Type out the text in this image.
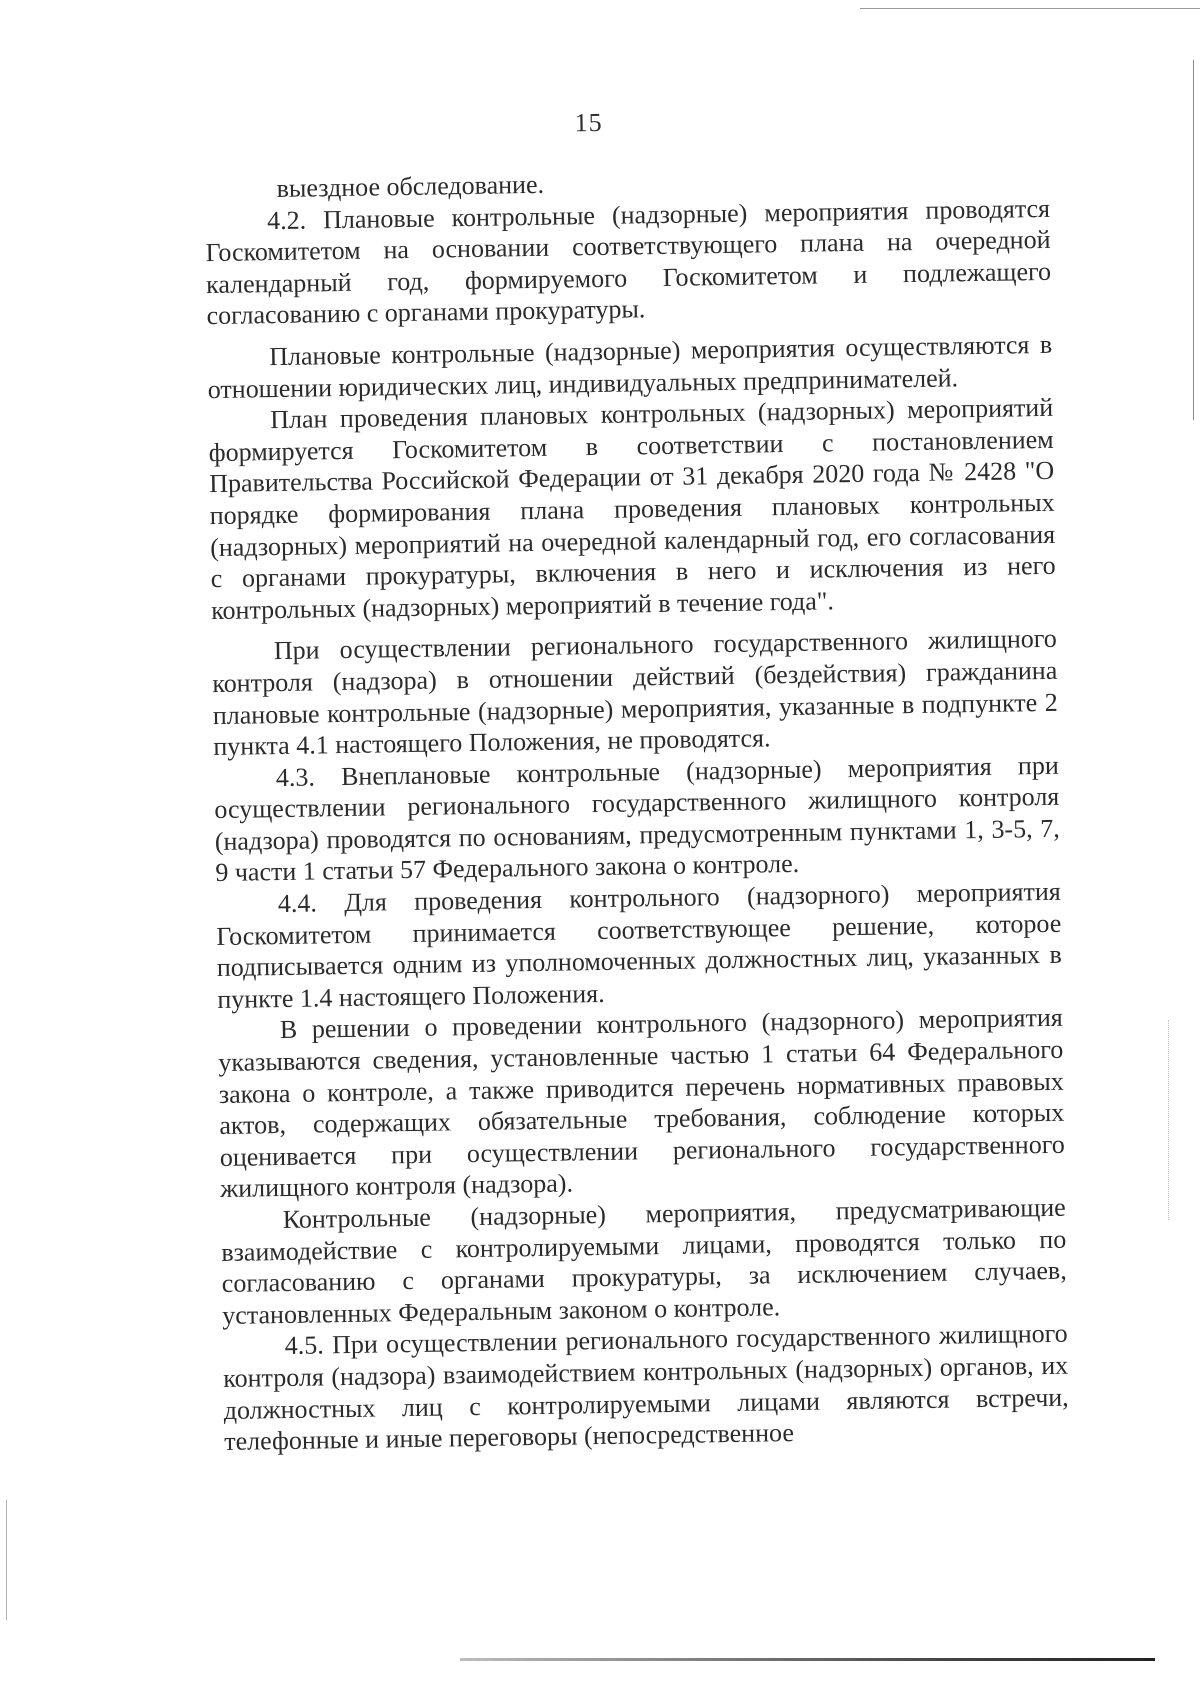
15

выездное обследование.

4.2. Плановые контрольные (надзорные) мероприятия проводятся Госкомитетом на основании соответствующего плана на очередной календарный год, формируемого Госкомитетом и подлежащего согласованию с органами прокуратуры.

Плановые контрольные (надзорные) мероприятия осуществляются в отношении юридических лиц, индивидуальных предпринимателей.

План проведения плановых контрольных (надзорных) мероприятий формируется Госкомитетом в соответствии с постановлением Правительства Российской Федерации от 31 декабря 2020 года № 2428 "О порядке формирования плана проведения плановых контрольных (надзорных) мероприятий на очередной календарный год, его согласования с органами прокуратуры, включения в него и исключения из него контрольных (надзорных) мероприятий в течение года".

При осуществлении регионального государственного жилищного контроля (надзора) в отношении действий (бездействия) гражданина плановые контрольные (надзорные) мероприятия, указанные в подпункте 2 пункта 4.1 настоящего Положения, не проводятся.

4.3. Внеплановые контрольные (надзорные) мероприятия при осуществлении регионального государственного жилищного контроля (надзора) проводятся по основаниям, предусмотренным пунктами 1, 3-5, 7, 9 части 1 статьи 57 Федерального закона о контроле.

4.4. Для проведения контрольного (надзорного) мероприятия Госкомитетом принимается соответствующее решение, которое подписывается одним из уполномоченных должностных лиц, указанных в пункте 1.4 настоящего Положения.

В решении о проведении контрольного (надзорного) мероприятия указываются сведения, установленные частью 1 статьи 64 Федерального закона о контроле, а также приводится перечень нормативных правовых актов, содержащих обязательные требования, соблюдение которых оценивается при осуществлении регионального государственного жилищного контроля (надзора).

Контрольные (надзорные) мероприятия, предусматривающие взаимодействие с контролируемыми лицами, проводятся только по согласованию с органами прокуратуры, за исключением случаев, установленных Федеральным законом о контроле.

4.5. При осуществлении регионального государственного жилищного контроля (надзора) взаимодействием контрольных (надзорных) органов, их должностных лиц с контролируемыми лицами являются встречи, телефонные и иные переговоры (непосредственное
